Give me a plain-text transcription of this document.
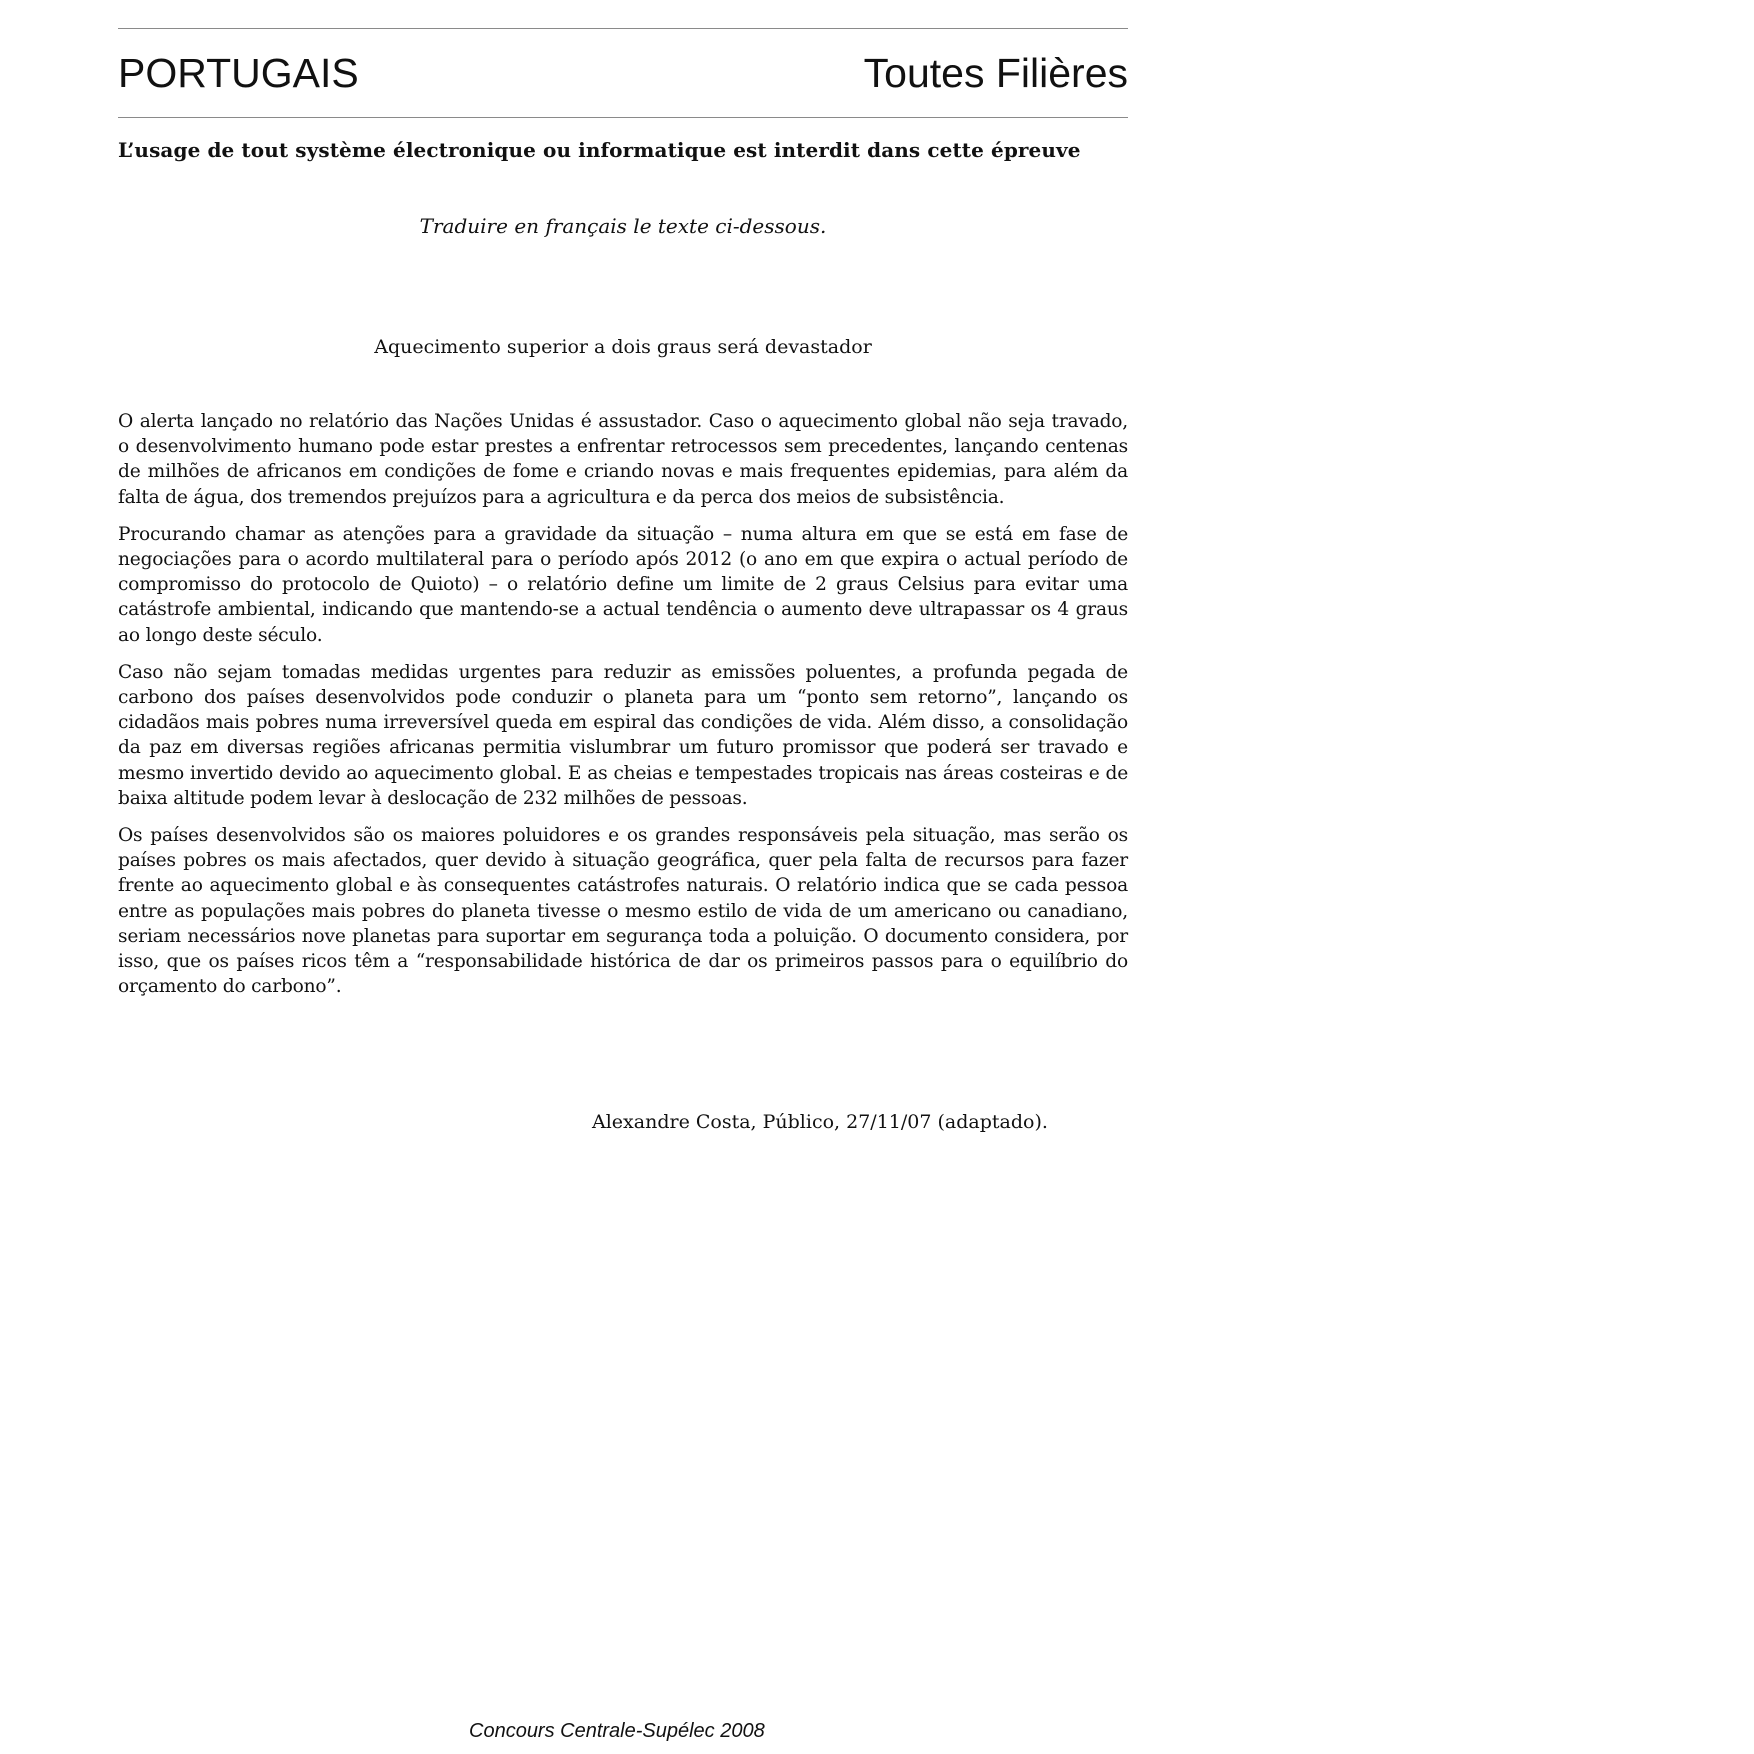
PORTUGAIS	Toutes Filières
L’usage de tout système électronique ou informatique est interdit dans cette épreuve
Traduire en français le texte ci-dessous.
Aquecimento superior a dois graus será devastador

O alerta lançado no relatório das Nações Unidas é assustador. Caso o aquecimento global não seja travado, o desenvolvimento humano pode estar prestes a enfrentar retrocessos sem precedentes, lançando centenas de milhões de africanos em condições de fome e criando novas e mais frequentes epidemias, para além da falta de água, dos tremendos prejuízos para a agricultura e da perca dos meios de subsistência.

Procurando chamar as atenções para a gravidade da situação – numa altura em que se está em fase de negociações para o acordo multilateral para o período após 2012 (o ano em que expira o actual período de compromisso do protocolo de Quioto) – o relatório define um limite de 2 graus Celsius para evitar uma catástrofe ambiental, indicando que mantendo-se a actual tendência o aumento deve ultrapassar os 4 graus ao longo deste século.

Caso não sejam tomadas medidas urgentes para reduzir as emissões poluentes, a profunda pegada de carbono dos países desenvolvidos pode conduzir o planeta para um “ponto sem retorno”, lançando os cidadãos mais pobres numa irreversível queda em espiral das condições de vida. Além disso, a consolidação da paz em diversas regiões africanas permitia vislumbrar um futuro promissor que poderá ser travado e mesmo invertido devido ao aquecimento global. E as cheias e tempestades tropicais nas áreas costeiras e de baixa altitude podem levar à deslocação de 232 milhões de pessoas.

Os países desenvolvidos são os maiores poluidores e os grandes responsáveis pela situação, mas serão os países pobres os mais afectados, quer devido à situação geográfica, quer pela falta de recursos para fazer frente ao aquecimento global e às consequentes catástrofes naturais. O relatório indica que se cada pessoa entre as populações mais pobres do planeta tivesse o mesmo estilo de vida de um americano ou canadiano, seriam necessários nove planetas para suportar em segurança toda a poluição. O documento considera, por isso, que os países ricos têm a “responsabilidade histórica de dar os primeiros passos para o equilíbrio do orçamento do carbono”.

Alexandre Costa, Público, 27/11/07 (adaptado).
Concours Centrale-Supélec 2008
